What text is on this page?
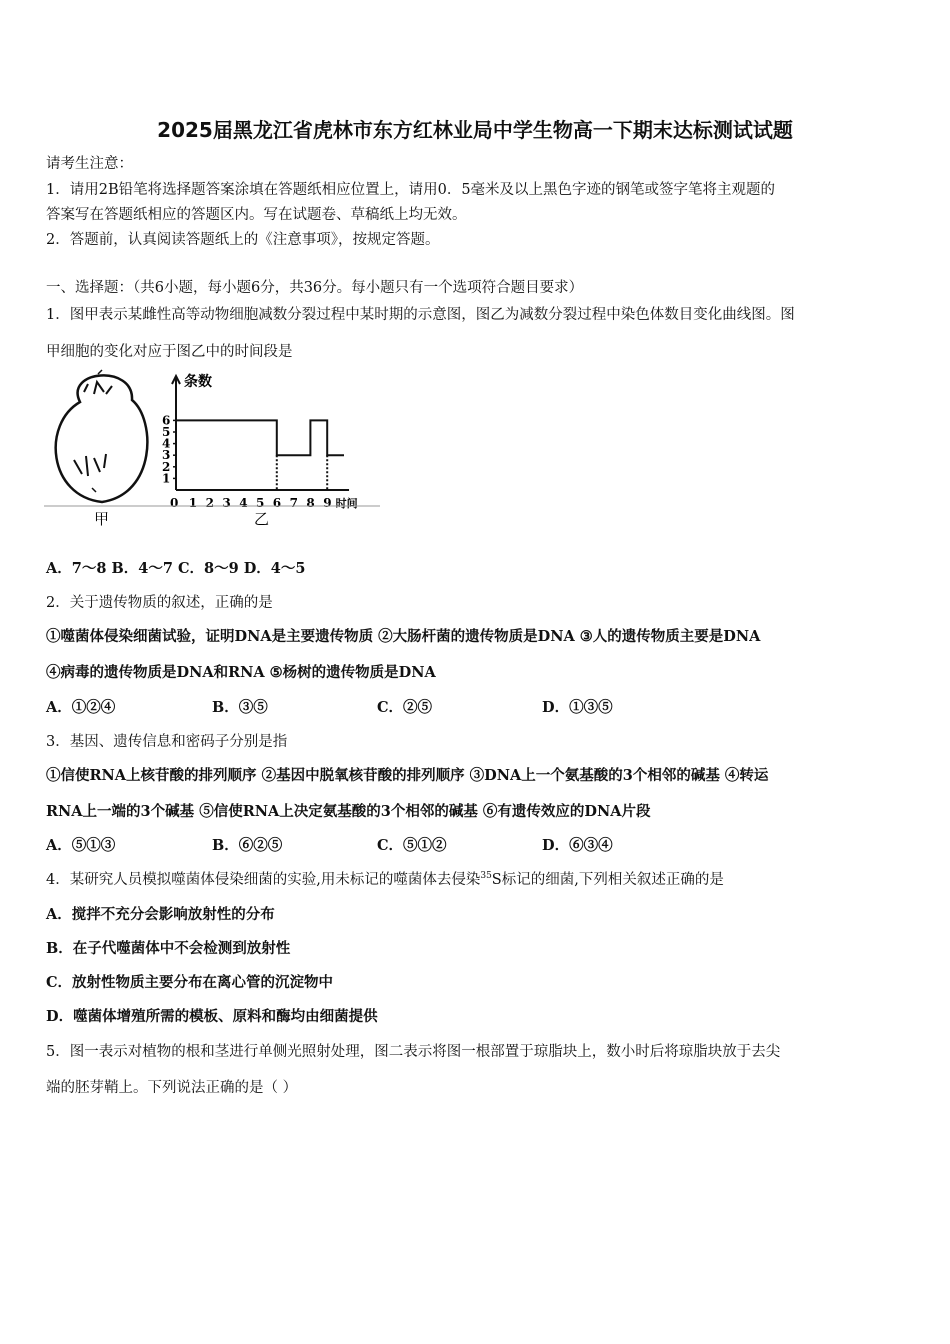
2025届黑龙江省虎林市东方红林业局中学生物高一下期末达标测试试题
请考生注意：
1．请用2B铅笔将选择题答案涂填在答题纸相应位置上，请用0．5毫米及以上黑色字迹的钢笔或签字笔将主观题的
答案写在答题纸相应的答题区内。写在试题卷、草稿纸上均无效。
2．答题前，认真阅读答题纸上的《注意事项》，按规定答题。
一、选择题：（共6小题，每小题6分，共36分。每小题只有一个选项符合题目要求）
1．图甲表示某雌性高等动物细胞减数分裂过程中某时期的示意图，图乙为减数分裂过程中染色体数目变化曲线图。图
甲细胞的变化对应于图乙中的时间段是
条数
时间
1
2
3
4
5
6
0 1 2 3 4 5 6 7 8 9
甲	乙
A．7～8 B．4～7 C．8～9 D．4～5
2．关于遗传物质的叙述，正确的是
①噬菌体侵染细菌试验，证明DNA是主要遗传物质 ②大肠杆菌的遗传物质是DNA ③人的遗传物质主要是DNA
④病毒的遗传物质是DNA和RNA ⑤杨树的遗传物质是DNA
A．①②④	B．③⑤	C．②⑤	D．①③⑤
3．基因、遗传信息和密码子分别是指
①信使RNA上核苷酸的排列顺序 ②基因中脱氧核苷酸的排列顺序 ③DNA上一个氨基酸的3个相邻的碱基 ④转运
RNA上一端的3个碱基 ⑤信使RNA上决定氨基酸的3个相邻的碱基 ⑥有遗传效应的DNA片段
A．⑤①③	B．⑥②⑤	C．⑤①②	D．⑥③④
4．某研究人员模拟噬菌体侵染细菌的实验,用未标记的噬菌体去侵染$^{35}$S标记的细菌,下列相关叙述正确的是
A．搅拌不充分会影响放射性的分布
B．在子代噬菌体中不会检测到放射性
C．放射性物质主要分布在离心管的沉淀物中
D．噬菌体增殖所需的模板、原料和酶均由细菌提供
5．图一表示对植物的根和茎进行单侧光照射处理，图二表示将图一根部置于琼脂块上，数小时后将琼脂块放于去尖
端的胚芽鞘上。下列说法正确的是（ ）
